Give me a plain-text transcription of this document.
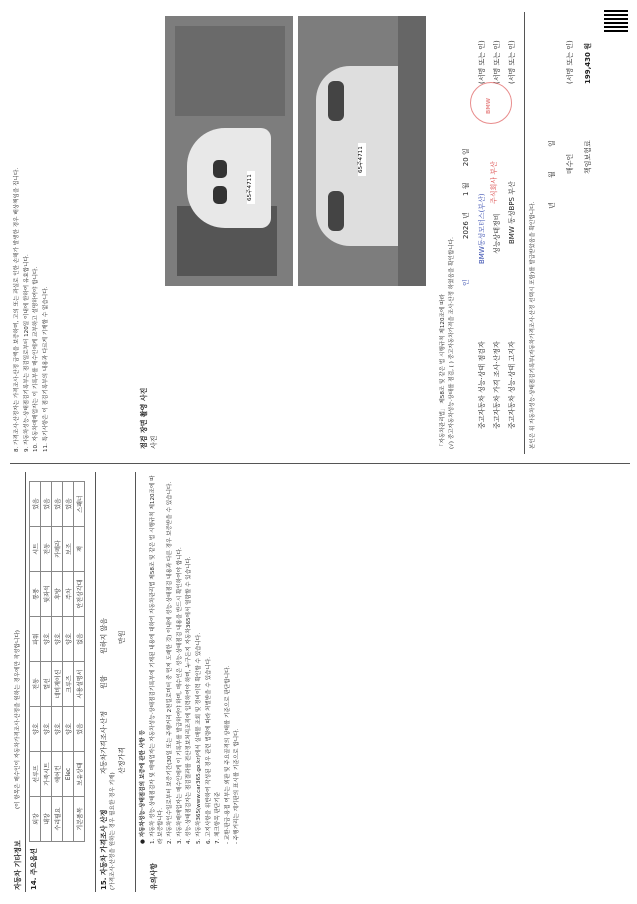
자동차 기타정보
(이 항목은 매수인이 자동차가격조사·산정을 원하는 경우에만 작성합니다)
14. 주요옵션
외장	선루프	양호	전동	파워	통풍	시트	있음
내장	가죽시트	양호	열선	양호	뒷좌석	전동	있음
수리필요	에어컨	양호	네비게이션	양호	후방	카메라	있음
	Elec	양호	크루즈	양호	주차	보조	있음
기본품목	보유상태	있음	사용설명서	없음	안전삼각대	잭	스패너
15. 자동차 가격조사 산정 (가격조사·산정을 원하는 경우 필요한 경우 기재)
자동차가격조사·산정
원함
원하지 않음
산정가격
만원
유의사항
● 자동차성능·상태점검의 보증에 관한 사항 등 1. 자동차 성능·상태점검자 및 매매업자는 자동차성능·상태점검기록부에 기재된 내용에 대하여 자동차관리법 제58조 및 같은 법 시행규칙 제120조에 따라 보증합니다. 2. 자동차인수일로부터 보증기간(30일 또는 주행거리 2천킬로미터 중 먼저 도래한 것) 이내에 성능·상태점검 내용과 다른 경우 보증받을 수 있습니다. 3. 자동차매매업자는 매수인에게 이 기록부를 발급하여야 하며, 매수인은 성능·상태점검 내용을 반드시 확인하여야 합니다. 4. 성능·상태점검자는 점검결과를 전산정보처리조직에 입력하여야 하며, 누구든지 자동차365에서 열람할 수 있습니다. 5. 자동차365(www.car365.go.kr)에서 실매물 조회 및 정비이력 확인할 수 있습니다. 6. 고지사항을 위반하여 작성된 경우 관련 법령에 따라 처벌받을 수 있습니다. 7. 체크항목 판단기준 - 교환·판금·용접 여부는 외판 및 주요골격의 상태를 기준으로 판단합니다. - 주행거리는 계기판의 표시를 기준으로 합니다.
8. 가격조사·산정자는 가격조사·산정 금액을 보증하며, 고의 또는 과실로 인한 손해가 발생한 경우 배상책임을 집니다. 9. 자동차성능·상태점검기록부는 점검일로부터 120일 이내에 한하여 유효합니다. 10. 자동차매매업자는 이 기록부를 매수인에게 교부하고 설명하여야 합니다. 11. 특기사항은 이 점검기록부의 내용과 다르게 기재할 수 없습니다.	점검 장면 촬영 사진 사진
65주4711
65주4711
「자동차관리법」 제58조 및 같은 법 시행규칙 제120조에 따라 (√) 중고자동차성능·상태를 점검, ( ) 중고자동차가격을 조사·산정 하였음을 확인합니다.
2026 년 1 월 20 일
중고자동차 성능·상태 점검자
BMW동성모터스(부산)
(서명 또는 인)
중고자동차 가격 조사·산정자
성능상태정비
(서명 또는 인)
중고자동차 성능·상태 고지자
BMW 동성BPS 부산
(서명 또는 인)
BMW
주식회사 부산
인	본인은 위 자동차성능·상태점검기록부(자동차가격조사·산정 선택시 포함)를 발급받았음을 확인합니다. 년 월 일
매수인
(서명 또는 인)
책임보험료
199,430 원
